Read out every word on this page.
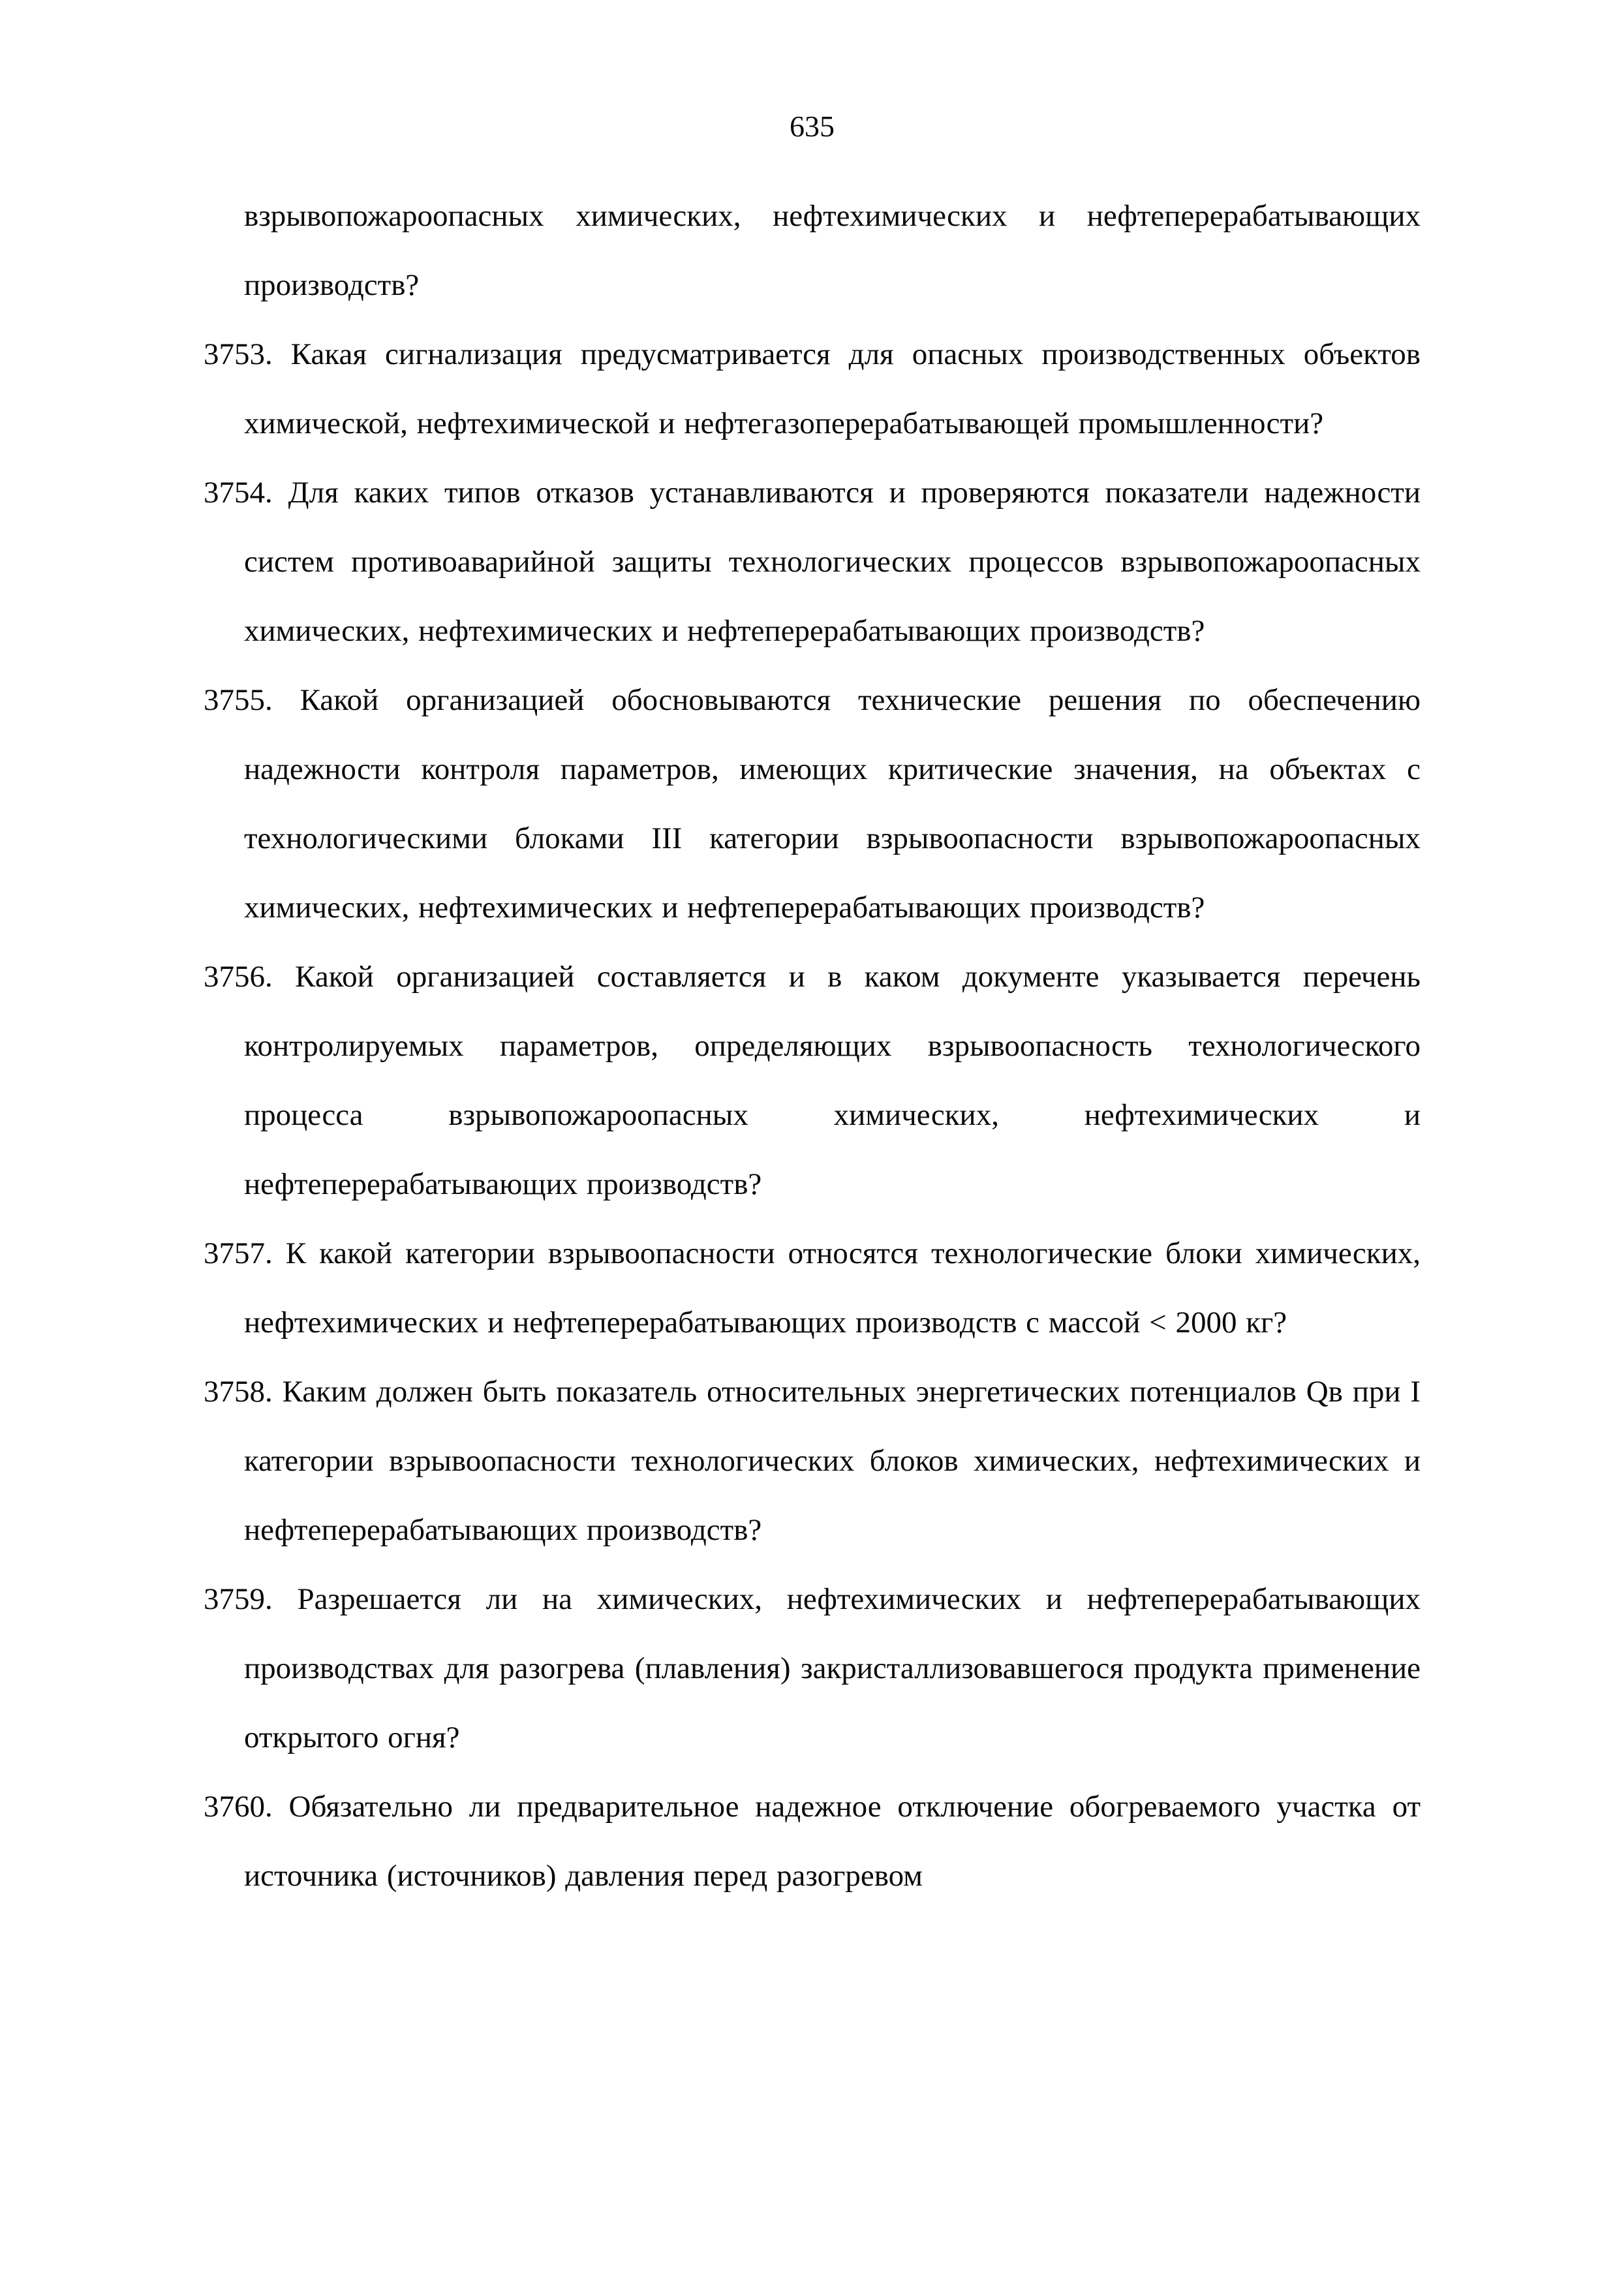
635

взрывопожароопасных химических, нефтехимических и нефтеперерабатывающих производств?

3753. Какая сигнализация предусматривается для опасных производственных объектов химической, нефтехимической и нефтегазоперерабатывающей промышленности?

3754. Для каких типов отказов устанавливаются и проверяются показатели надежности систем противоаварийной защиты технологических процессов взрывопожароопасных химических, нефтехимических и нефтеперерабатывающих производств?

3755. Какой организацией обосновываются технические решения по обеспечению надежности контроля параметров, имеющих критические значения, на объектах с технологическими блоками III категории взрывоопасности взрывопожароопасных химических, нефтехимических и нефтеперерабатывающих производств?

3756. Какой организацией составляется и в каком документе указывается перечень контролируемых параметров, определяющих взрывоопасность технологического процесса взрывопожароопасных химических, нефтехимических и нефтеперерабатывающих производств?

3757. К какой категории взрывоопасности относятся технологические блоки химических, нефтехимических и нефтеперерабатывающих производств с массой < 2000 кг?

3758. Каким должен быть показатель относительных энергетических потенциалов Qв при I категории взрывоопасности технологических блоков химических, нефтехимических и нефтеперерабатывающих производств?

3759. Разрешается ли на химических, нефтехимических и нефтеперерабатывающих производствах для разогрева (плавления) закристаллизовавшегося продукта применение открытого огня?

3760. Обязательно ли предварительное надежное отключение обогреваемого участка от источника (источников) давления перед разогревом
